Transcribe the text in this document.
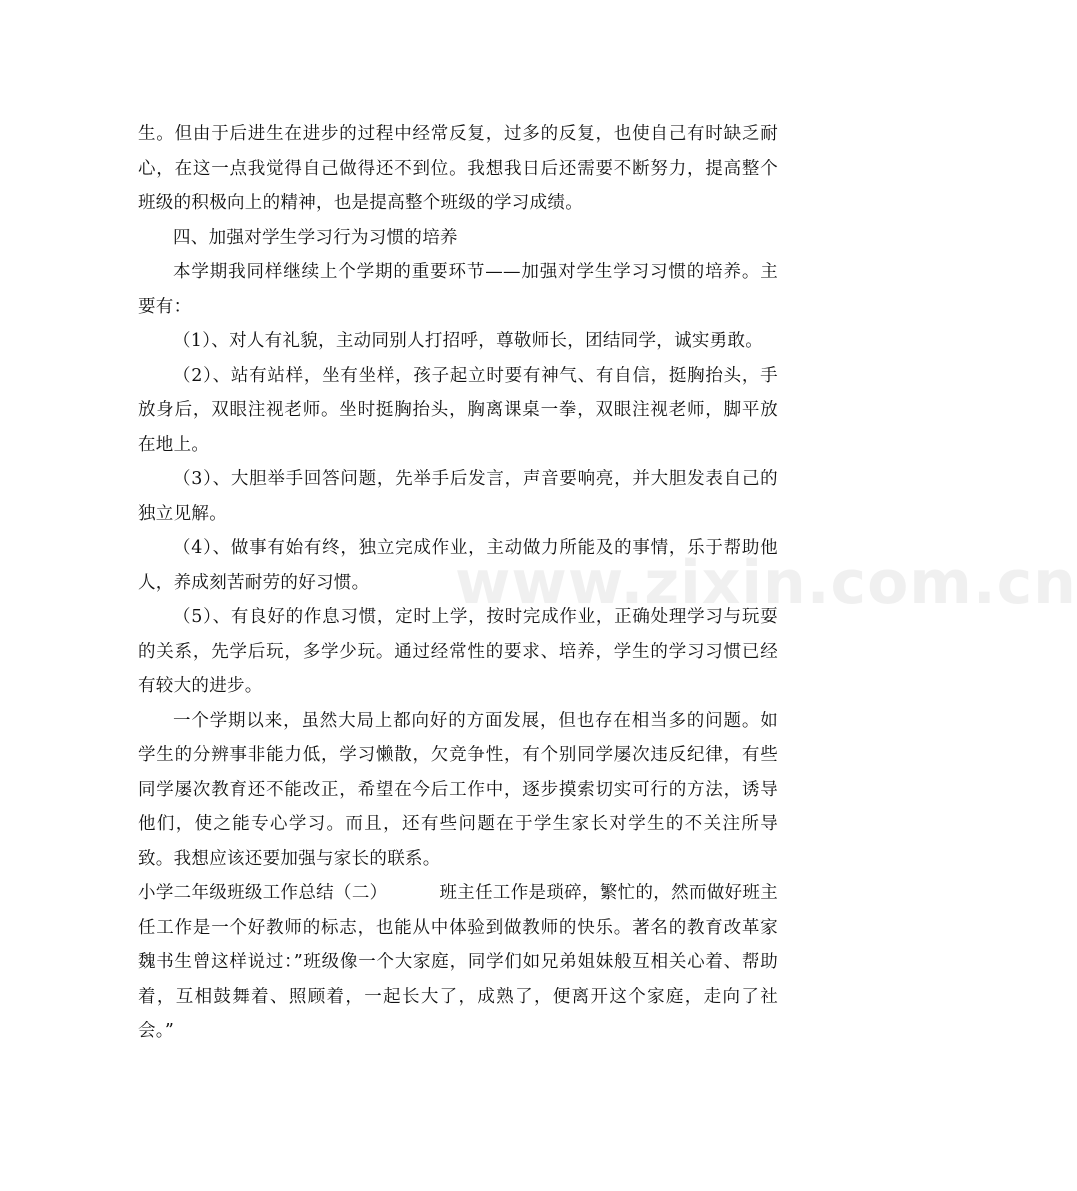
生。但由于后进生在进步的过程中经常反复，过多的反复，也使自己有时缺乏耐心，在这一点我觉得自己做得还不到位。我想我日后还需要不断努力，提高整个班级的积极向上的精神，也是提高整个班级的学习成绩。

四、加强对学生学习行为习惯的培养

本学期我同样继续上个学期的重要环节——加强对学生学习习惯的培养。主要有：

（1）、对人有礼貌，主动同别人打招呼，尊敬师长，团结同学，诚实勇敢。

（2）、站有站样，坐有坐样，孩子起立时要有神气、有自信，挺胸抬头，手放身后，双眼注视老师。坐时挺胸抬头，胸离课桌一拳，双眼注视老师，脚平放在地上。

（3）、大胆举手回答问题，先举手后发言，声音要响亮，并大胆发表自己的独立见解。

（4）、做事有始有终，独立完成作业，主动做力所能及的事情，乐于帮助他人，养成刻苦耐劳的好习惯。

（5）、有良好的作息习惯，定时上学，按时完成作业，正确处理学习与玩耍的关系，先学后玩，多学少玩。通过经常性的要求、培养，学生的学习习惯已经有较大的进步。

一个学期以来，虽然大局上都向好的方面发展，但也存在相当多的问题。如学生的分辨事非能力低，学习懒散，欠竞争性，有个别同学屡次违反纪律，有些同学屡次教育还不能改正，希望在今后工作中，逐步摸索切实可行的方法，诱导他们，使之能专心学习。而且，还有些问题在于学生家长对学生的不关注所导致。我想应该还要加强与家长的联系。

小学二年级班级工作总结（二）	班主任工作是琐碎，繁忙的，然而做好班主任工作是一个好教师的标志，也能从中体验到做教师的快乐。著名的教育改革家魏书生曾这样说过：”班级像一个大家庭，同学们如兄弟姐妹般互相关心着、帮助着，互相鼓舞着、照顾着，一起长大了，成熟了，便离开这个家庭，走向了社会。”

www.zixin.com.cn
